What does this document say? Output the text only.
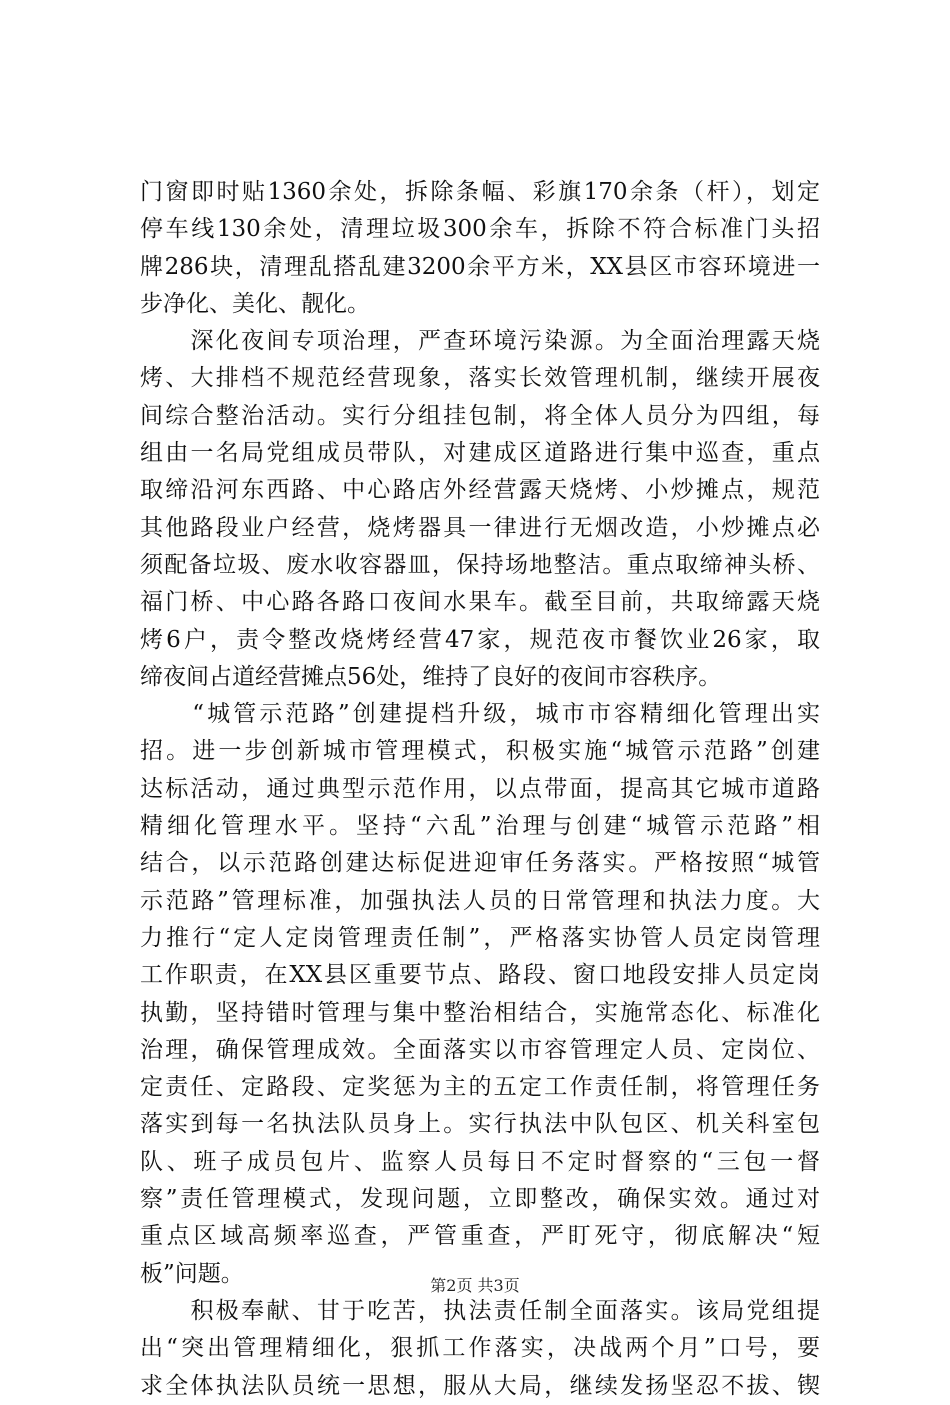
门窗即时贴1360余处，拆除条幅、彩旗170余条（杆），划定
停车线130余处，清理垃圾300余车，拆除不符合标准门头招
牌286块，清理乱搭乱建3200余平方米，XX县区市容环境进一
步净化、美化、靓化。
　　深化夜间专项治理，严查环境污染源。为全面治理露天烧
烤、大排档不规范经营现象，落实长效管理机制，继续开展夜
间综合整治活动。实行分组挂包制，将全体人员分为四组，每
组由一名局党组成员带队，对建成区道路进行集中巡查，重点
取缔沿河东西路、中心路店外经营露天烧烤、小炒摊点，规范
其他路段业户经营，烧烤器具一律进行无烟改造，小炒摊点必
须配备垃圾、废水收容器皿，保持场地整洁。重点取缔神头桥、
福门桥、中心路各路口夜间水果车。截至目前，共取缔露天烧
烤6户，责令整改烧烤经营47家，规范夜市餐饮业26家，取
缔夜间占道经营摊点56处，维持了良好的夜间市容秩序。
　　“城管示范路”创建提档升级，城市市容精细化管理出实
招。进一步创新城市管理模式，积极实施“城管示范路”创建
达标活动，通过典型示范作用，以点带面，提高其它城市道路
精细化管理水平。坚持“六乱”治理与创建“城管示范路”相
结合，以示范路创建达标促进迎审任务落实。严格按照“城管
示范路”管理标准，加强执法人员的日常管理和执法力度。大
力推行“定人定岗管理责任制”，严格落实协管人员定岗管理
工作职责，在XX县区重要节点、路段、窗口地段安排人员定岗
执勤，坚持错时管理与集中整治相结合，实施常态化、标准化
治理，确保管理成效。全面落实以市容管理定人员、定岗位、
定责任、定路段、定奖惩为主的五定工作责任制，将管理任务
落实到每一名执法队员身上。实行执法中队包区、机关科室包
队、班子成员包片、监察人员每日不定时督察的“三包一督
察”责任管理模式，发现问题，立即整改，确保实效。通过对
重点区域高频率巡查，严管重查，严盯死守，彻底解决“短
板”问题。
　　积极奉献、甘于吃苦，执法责任制全面落实。该局党组提
出“突出管理精细化，狠抓工作落实，决战两个月”口号，要
求全体执法队员统一思想，服从大局，继续发扬坚忍不拔、锲
第2页 共3页
